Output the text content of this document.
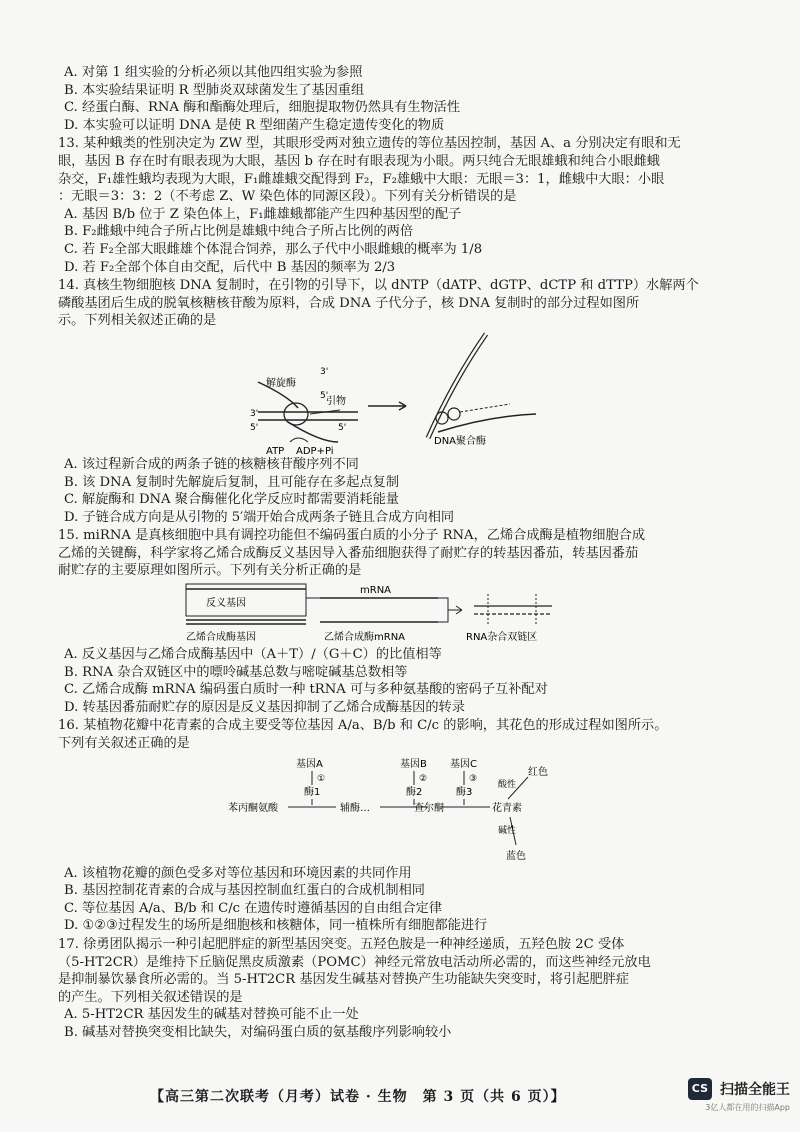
A. 对第 1 组实验的分析必须以其他四组实验为参照
B. 本实验结果证明 R 型肺炎双球菌发生了基因重组
C. 经蛋白酶、RNA 酶和酯酶处理后，细胞提取物仍然具有生物活性
D. 本实验可以证明 DNA 是使 R 型细菌产生稳定遗传变化的物质
13. 某种蛾类的性别决定为 ZW 型，其眼形受两对独立遗传的等位基因控制，基因 A、a 分别决定有眼和无
眼，基因 B 存在时有眼表现为大眼，基因 b 存在时有眼表现为小眼。两只纯合无眼雄蛾和纯合小眼雌蛾
杂交，F₁雄性蛾均表现为大眼，F₁雌雄蛾交配得到 F₂，F₂雄蛾中大眼：无眼＝3：1，雌蛾中大眼：小眼
：无眼＝3：3：2（不考虑 Z、W 染色体的同源区段）。下列有关分析错误的是
A. 基因 B/b 位于 Z 染色体上，F₁雌雄蛾都能产生四种基因型的配子
B. F₂雌蛾中纯合子所占比例是雄蛾中纯合子所占比例的两倍
C. 若 F₂全部大眼雌雄个体混合饲养，那么子代中小眼雌蛾的概率为 1/8
D. 若 F₂全部个体自由交配，后代中 B 基因的频率为 2/3
14. 真核生物细胞核 DNA 复制时，在引物的引导下，以 dNTP（dATP、dGTP、dCTP 和 dTTP）水解两个
磷酸基团后生成的脱氧核糖核苷酸为原料，合成 DNA 子代分子，核 DNA 复制时的部分过程如图所
示。下列相关叙述正确的是
解旋酶
引物
3'
5'
3'
5'	5'
ATP ADP+Pi
DNA聚合酶
A. 该过程新合成的两条子链的核糖核苷酸序列不同
B. 该 DNA 复制时先解旋后复制，且可能存在多起点复制
C. 解旋酶和 DNA 聚合酶催化化学反应时都需要消耗能量
D. 子链合成方向是从引物的 5′端开始合成两条子链且合成方向相同
15. miRNA 是真核细胞中具有调控功能但不编码蛋白质的小分子 RNA，乙烯合成酶是植物细胞合成
乙烯的关键酶，科学家将乙烯合成酶反义基因导入番茄细胞获得了耐贮存的转基因番茄，转基因番茄
耐贮存的主要原理如图所示。下列有关分析正确的是
反义基因
mRNA
乙烯合成酶基因	乙烯合成酶mRNA	RNA杂合双链区
A. 反义基因与乙烯合成酶基因中（A＋T）/（G＋C）的比值相等
B. RNA 杂合双链区中的嘌呤碱基总数与嘧啶碱基总数相等
C. 乙烯合成酶 mRNA 编码蛋白质时一种 tRNA 可与多种氨基酸的密码子互补配对
D. 转基因番茄耐贮存的原因是反义基因抑制了乙烯合成酶基因的转录
16. 某植物花瓣中花青素的合成主要受等位基因 A/a、B/b 和 C/c 的影响，其花色的形成过程如图所示。
下列有关叙述正确的是
基因A	基因B 基因C
①	②	③
酶1	酶2	酶3
苯丙酮氨酸	辅酶…	查尔酮	花青素
红色
酸性
碱性
蓝色
A. 该植物花瓣的颜色受多对等位基因和环境因素的共同作用
B. 基因控制花青素的合成与基因控制血红蛋白的合成机制相同
C. 等位基因 A/a、B/b 和 C/c 在遗传时遵循基因的自由组合定律
D. ①②③过程发生的场所是细胞核和核糖体，同一植株所有细胞都能进行
17. 徐勇团队揭示一种引起肥胖症的新型基因突变。五羟色胺是一种神经递质，五羟色胺 2C 受体
（5-HT2CR）是维持下丘脑促黑皮质激素（POMC）神经元常放电活动所必需的，而这些神经元放电
是抑制暴饮暴食所必需的。当 5-HT2CR 基因发生碱基对替换产生功能缺失突变时，将引起肥胖症
的产生。下列相关叙述错误的是
A. 5-HT2CR 基因发生的碱基对替换可能不止一处
B. 碱基对替换突变相比缺失，对编码蛋白质的氨基酸序列影响较小
【高三第二次联考（月考）试卷 · 生物　第 3 页（共 6 页）】
CS 扫描全能王
3亿人都在用的扫描App
